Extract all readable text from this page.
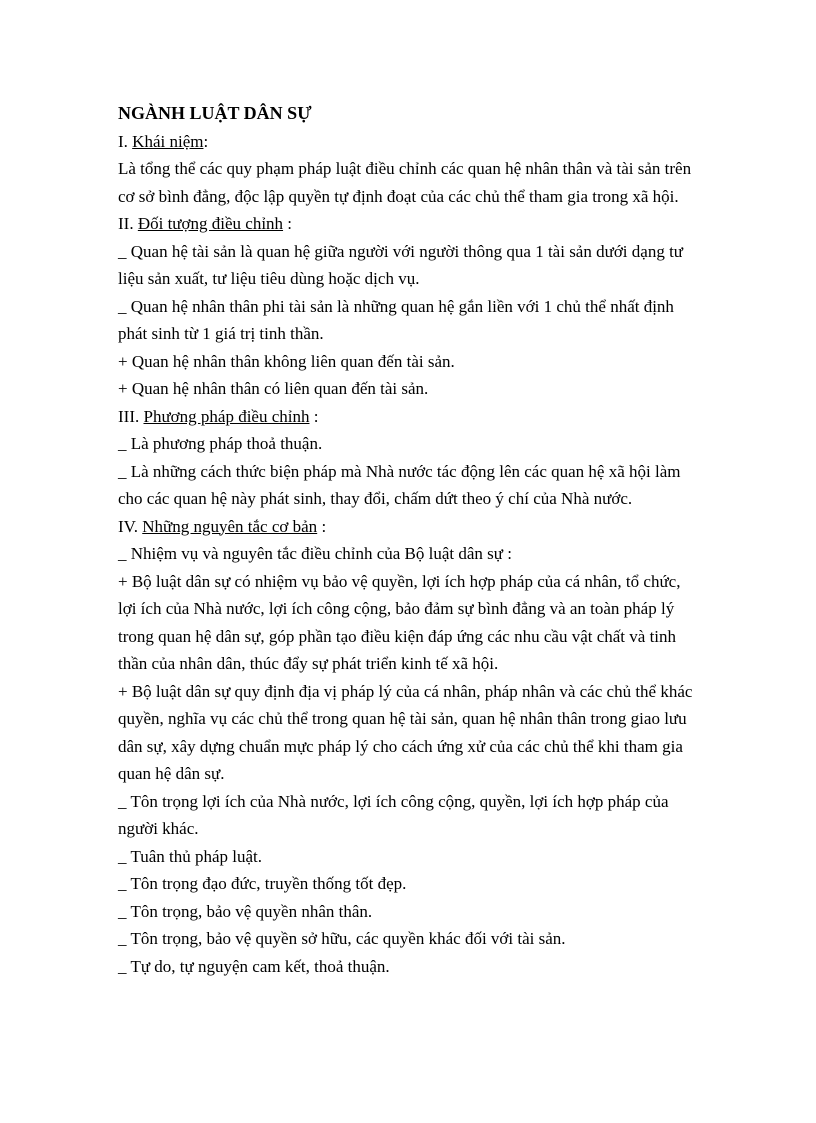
NGÀNH LUẬT DÂN SỰ

I. Khái niệm:

Là tổng thể các quy phạm pháp luật điều chỉnh các quan hệ nhân thân và tài sản trên cơ sở bình đẳng, độc lập quyền tự định đoạt của các chủ thể tham gia trong xã hội.

II. Đối tượng điều chỉnh :

_ Quan hệ tài sản là quan hệ giữa người với người thông qua 1 tài sản dưới dạng tư liệu sản xuất, tư liệu tiêu dùng hoặc dịch vụ.

_ Quan hệ nhân thân phi tài sản là những quan hệ gắn liền với 1 chủ thể nhất định phát sinh từ 1 giá trị tinh thần.

+ Quan hệ nhân thân không liên quan đến tài sản.

+ Quan hệ nhân thân có liên quan đến tài sản.

III. Phương pháp điều chỉnh :

_ Là phương pháp thoả thuận.

_ Là những cách thức biện pháp mà Nhà nước tác động lên các quan hệ xã hội làm cho các quan hệ này phát sinh, thay đổi, chấm dứt theo ý chí của Nhà nước.

IV. Những nguyên tắc cơ bản :

_ Nhiệm vụ và nguyên tắc điều chỉnh của Bộ luật dân sự :

+ Bộ luật dân sự có nhiệm vụ bảo vệ quyền, lợi ích hợp pháp của cá nhân, tổ chức, lợi ích của Nhà nước, lợi ích công cộng, bảo đảm sự bình đẳng và an toàn pháp lý trong quan hệ dân sự, góp phần tạo điều kiện đáp ứng các nhu cầu vật chất và tinh thần của nhân dân, thúc đẩy sự phát triển kinh tế xã hội.

+ Bộ luật dân sự quy định địa vị pháp lý của cá nhân, pháp nhân và các chủ thể khác quyền, nghĩa vụ các chủ thể trong quan hệ tài sản, quan hệ nhân thân trong giao lưu dân sự, xây dựng chuẩn mực pháp lý cho cách ứng xử của các chủ thể khi tham gia quan hệ dân sự.

_ Tôn trọng lợi ích của Nhà nước, lợi ích công cộng, quyền, lợi ích hợp pháp của người khác.

_ Tuân thủ pháp luật.

_ Tôn trọng đạo đức, truyền thống tốt đẹp.

_ Tôn trọng, bảo vệ quyền nhân thân.

_ Tôn trọng, bảo vệ quyền sở hữu, các quyền khác đối với tài sản.

_ Tự do, tự nguyện cam kết, thoả thuận.
